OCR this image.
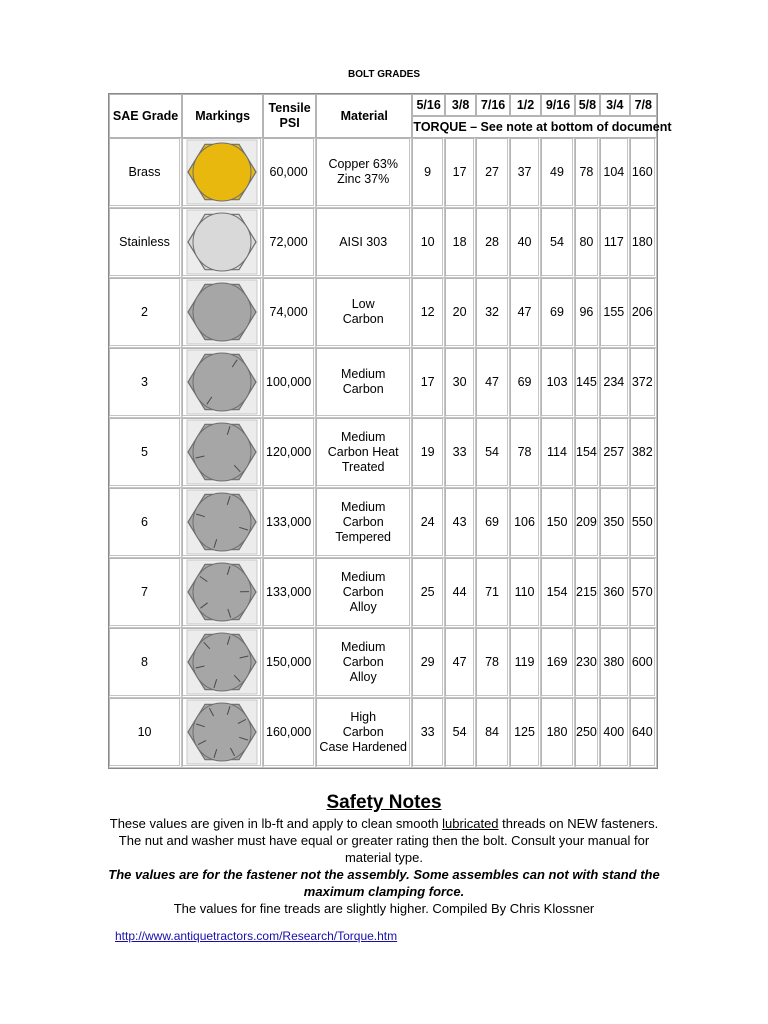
BOLT GRADES
SAE Grade	Markings	Tensile PSI	Material	5/16	3/8	7/16	1/2	9/16	5/8	3/4	7/8
				TORQUE – See note at bottom of document							
Brass		60,000	Copper 63%
Zinc 37%	9	17	27	37	49	78	104	160
Stainless		72,000	AISI 303	10	18	28	40	54	80	117	180
2		74,000	Low
Carbon	12	20	32	47	69	96	155	206
3		100,000	Medium
Carbon	17	30	47	69	103	145	234	372
5		120,000	Medium
Carbon Heat
Treated	19	33	54	78	114	154	257	382
6		133,000	Medium
Carbon
Tempered	24	43	69	106	150	209	350	550
7		133,000	Medium
Carbon
Alloy	25	44	71	110	154	215	360	570
8		150,000	Medium
Carbon
Alloy	29	47	78	119	169	230	380	600
10		160,000	High
Carbon
Case Hardened	33	54	84	125	180	250	400	640
Safety Notes
These values are given in lb-ft and apply to clean smooth lubricated threads on NEW fasteners. The nut and washer must have equal or greater rating then the bolt. Consult your manual for material type.
The values are for the fastener not the assembly. Some assembles can not with stand the maximum clamping force.
The values for fine treads are slightly higher. Compiled By Chris Klossner
http://www.antiquetractors.com/Research/Torque.htm
